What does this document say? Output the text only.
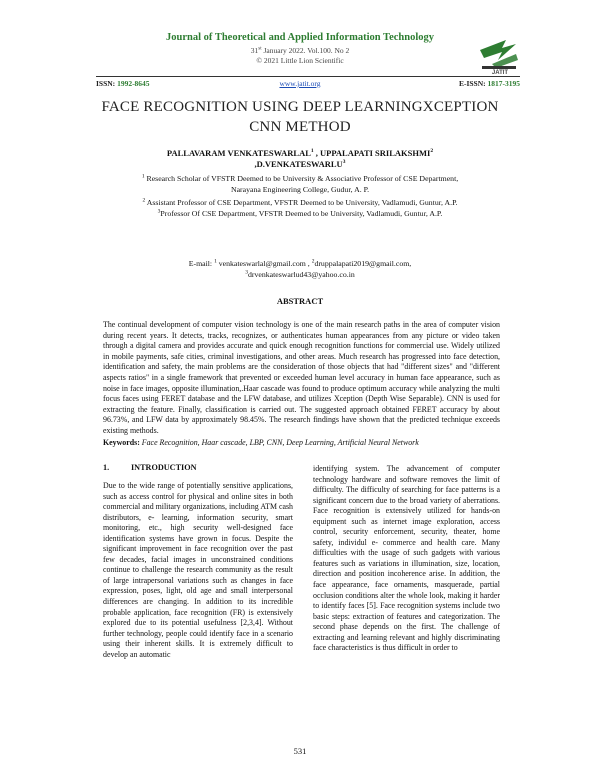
Journal of Theoretical and Applied Information Technology
31st January 2022. Vol.100. No 2
© 2021 Little Lion Scientific
JATIT
ISSN: 1992-8645	www.jatit.org	E-ISSN: 1817-3195
FACE RECOGNITION USING DEEP LEARNINGXCEPTION
CNN METHOD
PALLAVARAM VENKATESWARLAL$^1$ , UPPALAPATI SRILAKSHMI$^2$
,D.VENKATESWARLU$^3$
$^1$ Research Scholar of VFSTR Deemed to be University & Associative Professor of CSE Department,
Narayana Engineering College, Gudur, A. P.
$^2$ Assistant Professor of CSE Department, VFSTR Deemed to be University, Vadlamudi, Guntur, A.P.
$^3$Professor Of CSE Department, VFSTR Deemed to be University, Vadlamudi, Guntur, A.P.
E-mail: $^1$ venkateswarlal@gmail.com , $^2$druppalapati2019@gmail.com,
$^3$drvenkateswarlud43@yahoo.co.in
ABSTRACT

The continual development of computer vision technology is one of the main research paths in the area of computer vision during recent years. It detects, tracks, recognizes, or authenticates human appearances from any picture or video taken through a digital camera and provides accurate and quick enough recognition functions for commercial use. Widely utilized in mobile payments, safe cities, criminal investigations, and other areas. Much research has progressed into face detection, identification and safety, the main problems are the consideration of those objects that had "different sizes" and "different aspects ratios" in a single framework that prevented or exceeded human level accuracy in human face appearance, such as noise in face images, opposite illumination,.Haar cascade was found to produce optimum accuracy while analyzing the multi focus faces using FERET database and the LFW database, and utilizes Xception (Depth Wise Separable). CNN is used for extracting the feature. Finally, classification is carried out. The suggested approach obtained FERET accuracy by about 96.73%, and LFW data by approximately 98.45%. The research findings have shown that the predicted technique exceeds existing methods.

Keywords: Face Recognition, Haar cascade, LBP, CNN, Deep Learning, Artificial Neural Network

1.	INTRODUCTION

Due to the wide range of potentially sensitive applications, such as access control for physical and online sites in both commercial and military organizations, including ATM cash distributors, e- learning, information security, smart monitoring, etc., high security well-designed face identification systems have grown in focus. Despite the significant improvement in face recognition over the past few decades, facial images in unconstrained conditions continue to challenge the research community as the result of large intrapersonal variations such as changes in face expression, poses, light, old age and small interpersonal differences are changing. In addition to its incredible probable application, face recognition (FR) is extensively explored due to its potential usefulness [2,3,4]. Without further technology, people could identify face in a scenario using their inherent skills. It is extremely difficult to develop an automatic

identifying system. The advancement of computer technology hardware and software removes the limit of difficulty. The difficulty of searching for face patterns is a significant concern due to the broad variety of aberrations. Face recognition is extensively utilized for hands-on equipment such as internet image exploration, access control, security enforcement, security, theater, home safety, individul e- commerce and health care. Many difficulties with the usage of such gadgets with various features such as variations in illumination, size, location, direction and position incoherence arise. In addition, the face appearance, face ornaments, masquerade, partial occlusion conditions alter the whole look, making it harder to identify faces [5]. Face recognition systems include two basic steps: extraction of features and categorization. The second phase depends on the first. The challenge of extracting and learning relevant and highly discriminating face characteristics is thus difficult in order to

531
